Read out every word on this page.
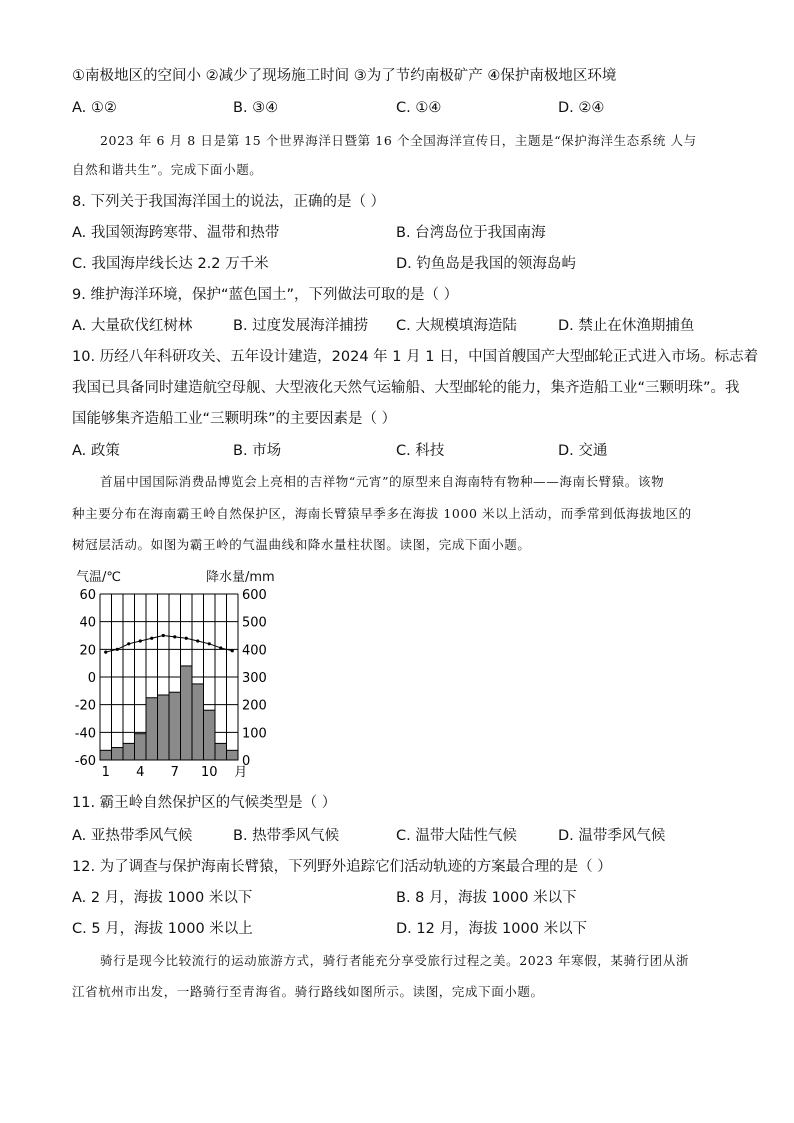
①南极地区的空间小 ②减少了现场施工时间 ③为了节约南极矿产 ④保护南极地区环境
A. ①②	B. ③④	C. ①④	D. ②④
2023 年 6 月 8 日是第 15 个世界海洋日暨第 16 个全国海洋宣传日，主题是“保护海洋生态系统 人与
自然和谐共生”。完成下面小题。
8. 下列关于我国海洋国土的说法，正确的是（ ）
A. 我国领海跨寒带、温带和热带	B. 台湾岛位于我国南海
C. 我国海岸线长达 2.2 万千米	D. 钓鱼岛是我国的领海岛屿
9. 维护海洋环境，保护“蓝色国土”，下列做法可取的是（ ）
A. 大量砍伐红树林	B. 过度发展海洋捕捞 C. 大规模填海造陆	D. 禁止在休渔期捕鱼
10. 历经八年科研攻关、五年设计建造，2024 年 1 月 1 日，中国首艘国产大型邮轮正式进入市场。标志着
我国已具备同时建造航空母舰、大型液化天然气运输船、大型邮轮的能力，集齐造船工业“三颗明珠”。我
国能够集齐造船工业“三颗明珠”的主要因素是（ ）
A. 政策	B. 市场	C. 科技	D. 交通
首届中国国际消费品博览会上亮相的吉祥物“元宵”的原型来自海南特有物种——海南长臂猿。该物
种主要分布在海南霸王岭自然保护区，海南长臂猿早季多在海拔 1000 米以上活动，而季常到低海拔地区的
树冠层活动。如图为霸王岭的气温曲线和降水量柱状图。读图，完成下面小题。
气温/℃	降水量/mm
60
40
20
0
-20
-40
-60
600
500
400
300
200
100
0
1 4 7 10 月
11. 霸王岭自然保护区的气候类型是（ ）
A. 亚热带季风气候	B. 热带季风气候	C. 温带大陆性气候	D. 温带季风气候
12. 为了调查与保护海南长臂猿，下列野外追踪它们活动轨迹的方案最合理的是（ ）
A. 2 月，海拔 1000 米以下	B. 8 月，海拔 1000 米以下
C. 5 月，海拔 1000 米以上	D. 12 月，海拔 1000 米以下
骑行是现今比较流行的运动旅游方式，骑行者能充分享受旅行过程之美。2023 年寒假，某骑行团从浙
江省杭州市出发，一路骑行至青海省。骑行路线如图所示。读图，完成下面小题。
